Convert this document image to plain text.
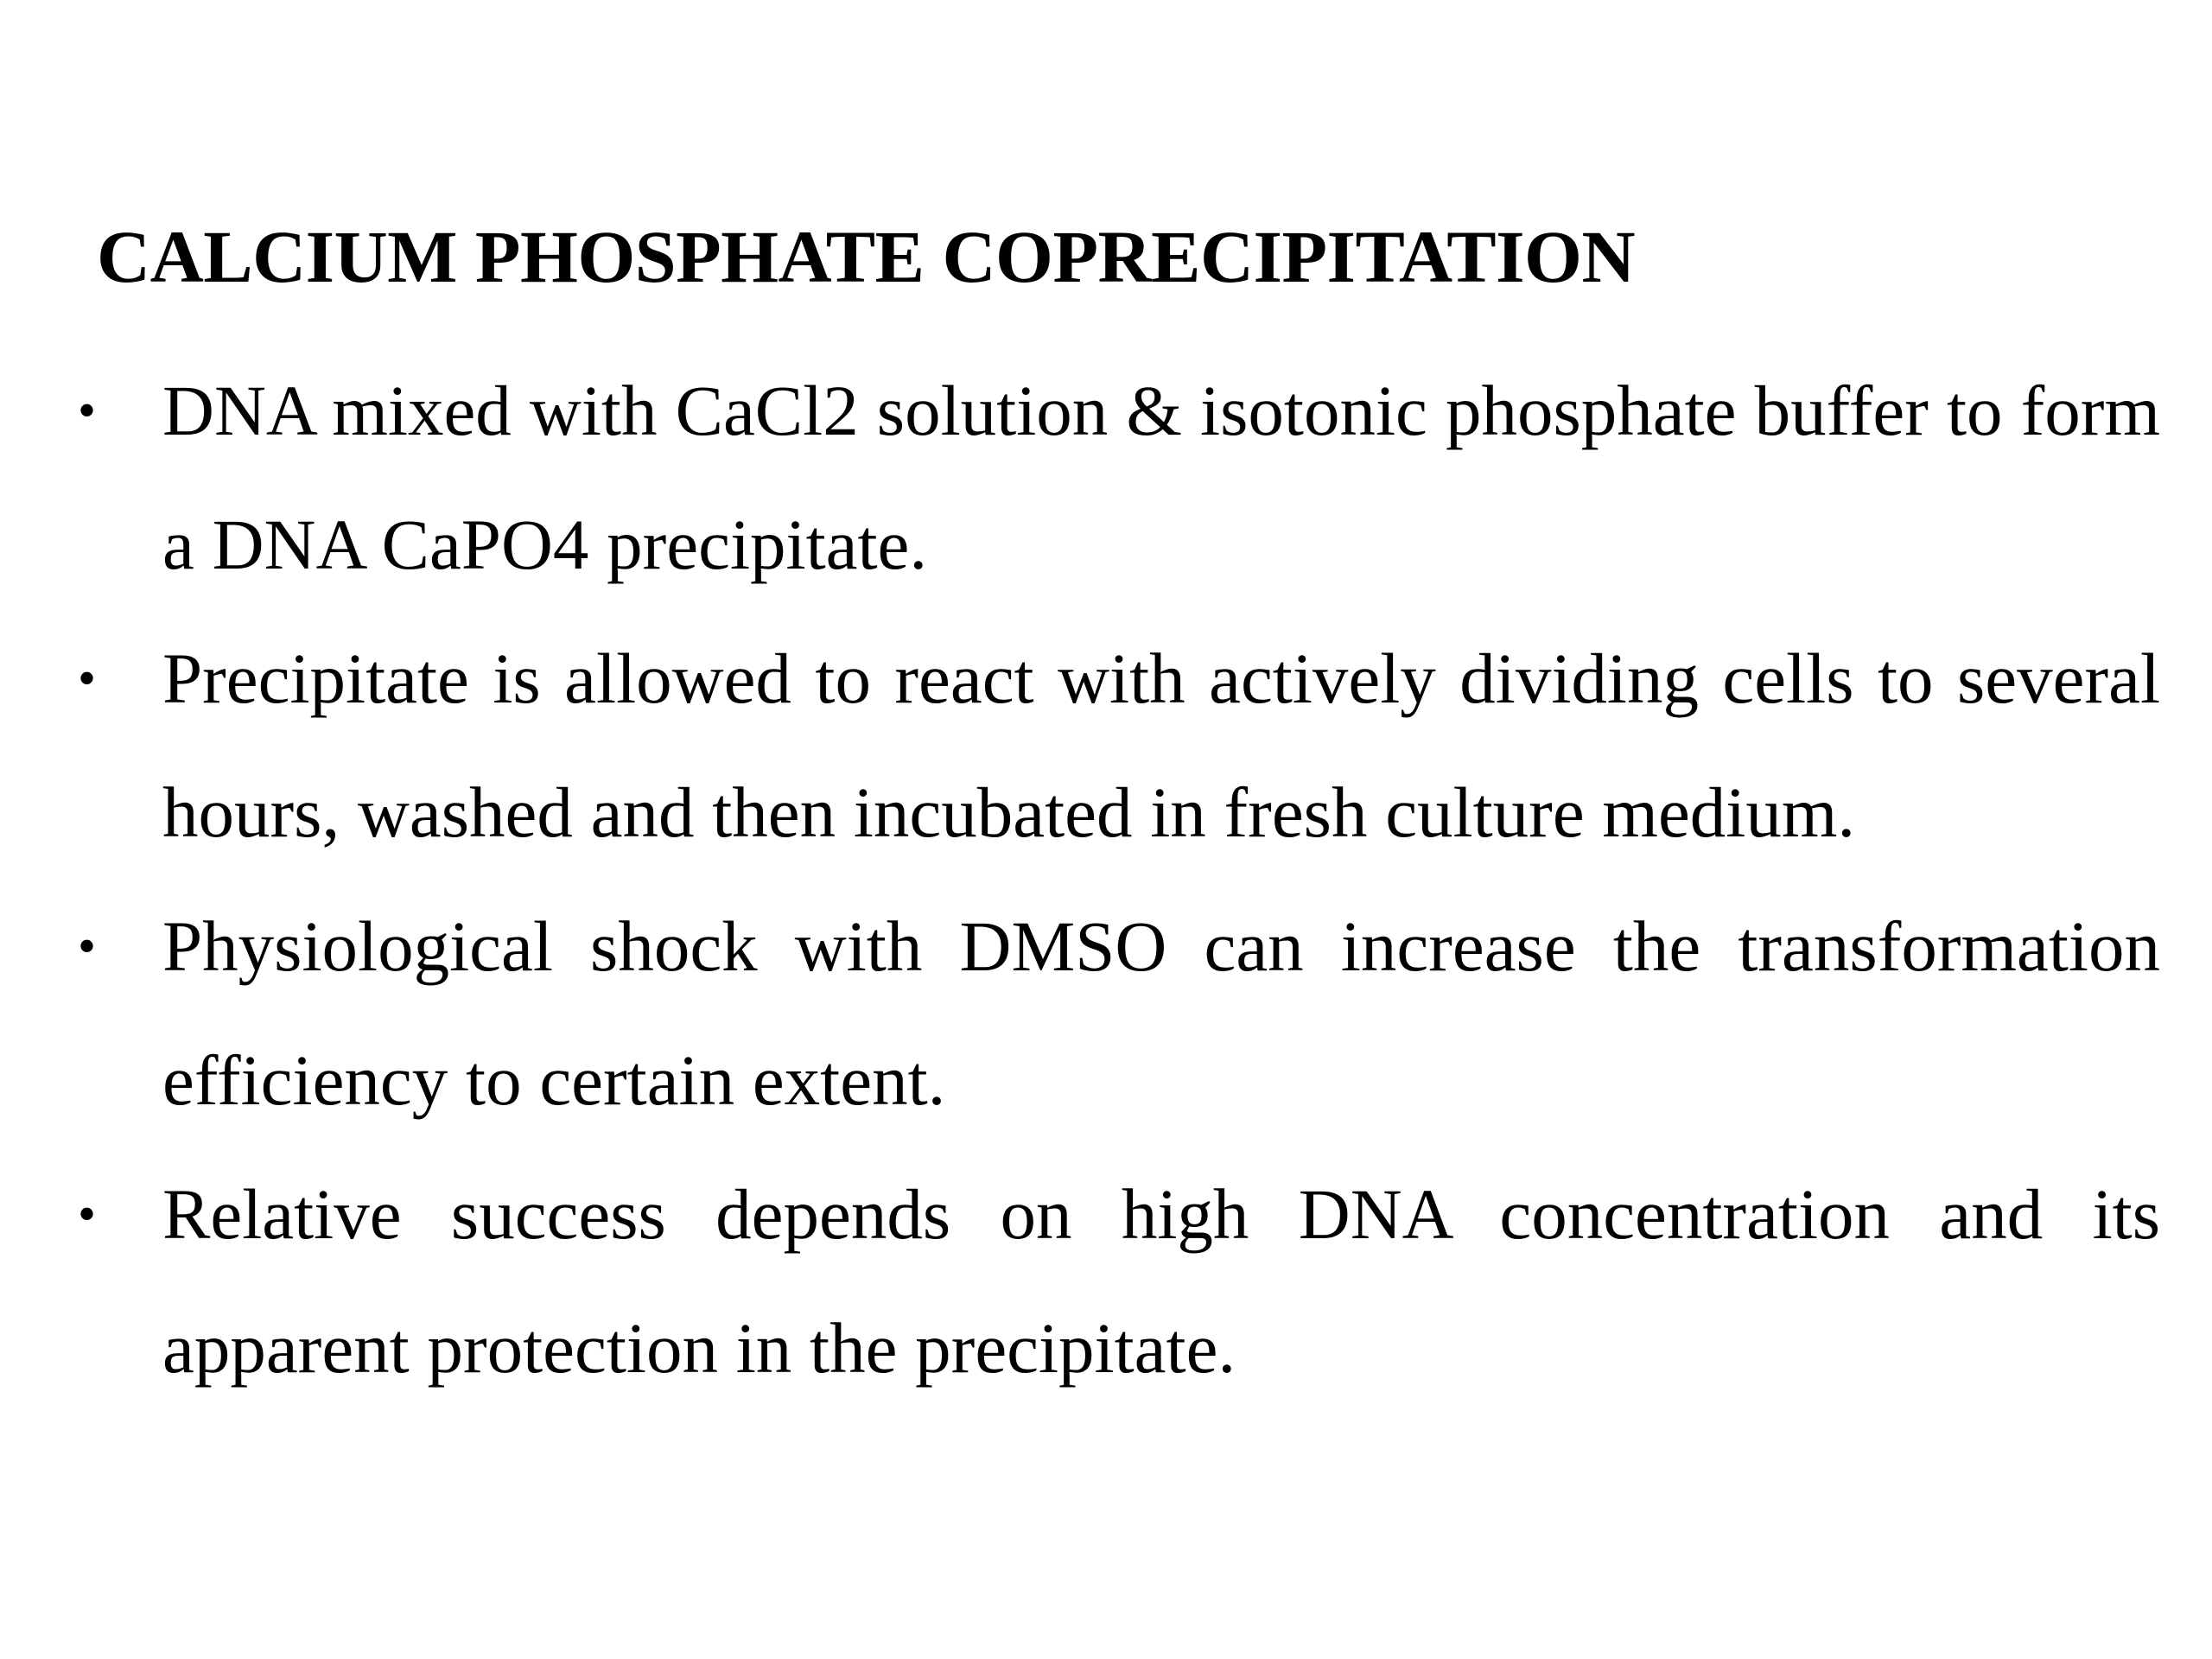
CALCIUM PHOSPHATE COPRECIPITATION
• DNA mixed with CaCl2 solution & isotonic phosphate buffer to form a DNA CaPO4 precipitate.
• Precipitate is allowed to react with actively dividing cells to several hours, washed and then incubated in fresh culture medium.
• Physiological shock with DMSO can increase the transformation efficiency to certain extent.
• Relative success depends on high DNA concentration and its apparent protection in the precipitate.
